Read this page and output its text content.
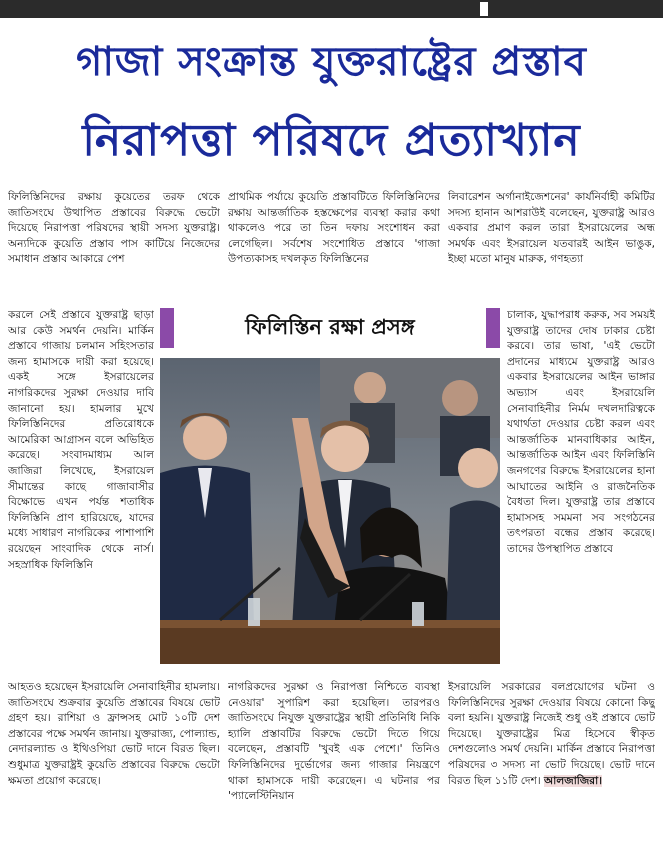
গাজা সংক্রান্ত যুক্তরাষ্ট্রের প্রস্তাব
নিরাপত্তা পরিষদে প্রত্যাখ্যান

ফিলিস্তিনিদের রক্ষায় কুয়েতের তরফ থেকে জাতিসংঘে উত্থাপিত প্রস্তাবের বিরুদ্ধে ভেটো দিয়েছে নিরাপত্তা পরিষদের স্থায়ী সদস্য যুক্তরাষ্ট্র। অন্যদিকে কুয়েতি প্রস্তাব পাস কাটিয়ে নিজেদের সমাধান প্রস্তাব আকারে পেশ

করলে সেই প্রস্তাবে যুক্তরাষ্ট্র ছাড়া আর কেউ সমর্থন দেয়নি। মার্কিন প্রস্তাবে গাজায় চলমান সহিংসতার জন্য হামাসকে দায়ী করা হয়েছে। একই সঙ্গে ইসরায়েলের নাগরিকদের সুরক্ষা দেওয়ার দাবি জানানো হয়। হামলার মুখে ফিলিস্তিনিদের প্রতিরোধকে আমেরিকা আগ্রাসন বলে অভিহিত করেছে। সংবাদমাধ্যম আল জাজিরা লিখেছে, ইসরায়েল সীমান্তের কাছে গাজাবাসীর বিক্ষোভে এখন পর্যন্ত শতাধিক ফিলিস্তিনি প্রাণ হারিয়েছে, যাদের মধ্যে সাধারণ নাগরিকের পাশাপাশি রয়েছেন সাংবাদিক থেকে নার্স। সহস্রাধিক ফিলিস্তিনি

আহতও হয়েছেন ইসরায়েলি সেনাবাহিনীর হামলায়। জাতিসংঘে শুক্রবার কুয়েতি প্রস্তাবের বিষয়ে ভোট গ্রহণ হয়। রাশিয়া ও ফ্রান্সসহ মোট ১০টি দেশ প্রস্তাবের পক্ষে সমর্থন জানায়। যুক্তরাজ্য, পোল্যান্ড, নেদারল্যান্ড ও ইথিওপিয়া ভোট দানে বিরত ছিল। শুধুমাত্র যুক্তরাষ্ট্রই কুয়েতি প্রস্তাবের বিরুদ্ধে ভেটো ক্ষমতা প্রয়োগ করেছে।

প্রাথমিক পর্যায়ে কুয়েতি প্রস্তাবটিতে ফিলিস্তিনিদের রক্ষায় আন্তর্জাতিক হস্তক্ষেপের ব্যবস্থা করার কথা থাকলেও পরে তা তিন দফায় সংশোধন করা লেগেছিল। সর্বশেষ সংশোধিত প্রস্তাবে 'গাজা উপত্যকাসহ দখলকৃত ফিলিস্তিনের

নাগরিকদের সুরক্ষা ও নিরাপত্তা নিশ্চিতে ব্যবস্থা নেওয়ার' সুপারিশ করা হয়েছিল। তারপরও জাতিসংঘে নিযুক্ত যুক্তরাষ্ট্রের স্থায়ী প্রতিনিধি নিকি হ্যালি প্রস্তাবটির বিরুদ্ধে ভেটো দিতে গিয়ে বলেছেন, প্রস্তাবটি 'খুবই এক পেশে।' তিনিও ফিলিস্তিনিদের দুর্ভোগের জন্য গাজার নিয়ন্ত্রণে থাকা হামাসকে দায়ী করেছেন। এ ঘটনার পর 'প্যালেস্টিনিয়ান

লিবারেশন অর্গানাইজেশনের' কার্যনির্বাহী কমিটির সদস্য হানান আশরাউই বলেছেন, যুক্তরাষ্ট্র আরও একবার প্রমাণ করল তারা ইসরায়েলের অন্ধ সমর্থক এবং ইসরায়েল যতবারই আইন ভাঙুক, ইচ্ছা মতো মানুষ মারুক, গণহত্যা

চালাক, যুদ্ধাপরাধ করুক, সব সময়ই যুক্তরাষ্ট্র তাদের দোষ ঢাকার চেষ্টা করবে। তার ভাষা, 'এই ভেটো প্রদানের মাধ্যমে যুক্তরাষ্ট্র আরও একবার ইসরায়েলের আইন ভাঙ্গার অভ্যাস এবং ইসরায়েলি সেনাবাহিনীর নির্মম দখলদারিত্বকে যথার্থতা দেওয়ার চেষ্টা করল এবং আন্তর্জাতিক মানবাধিকার আইন, আন্তর্জাতিক আইন এবং ফিলিস্তিনি জনগণের বিরুদ্ধে ইসরায়েলের হানা আঘাতের আইনি ও রাজনৈতিক বৈধতা দিল। যুক্তরাষ্ট্র তার প্রস্তাবে হামাসসহ সমমনা সব সংগঠনের তৎপরতা বন্ধের প্রস্তাব করেছে। তাদের উপস্থাপিত প্রস্তাবে

ইসরায়েলি সরকারের বলপ্রয়োগের ঘটনা ও ফিলিস্তিনিদের সুরক্ষা দেওয়ার বিষয়ে কোনো কিছু বলা হয়নি। যুক্তরাষ্ট্র নিজেই শুধু ওই প্রস্তাবে ভোট দিয়েছে। যুক্তরাষ্ট্রের মিত্র হিসেবে স্বীকৃত দেশগুলোও সমর্থ দেয়নি। মার্কিন প্রস্তাবে নিরাপত্তা পরিষদের ৩ সদস্য না ভোট দিয়েছে। ভোট দানে বিরত ছিল ১১টি দেশ। আলজাজিরা।

ফিলিস্তিন রক্ষা প্রসঙ্গ
